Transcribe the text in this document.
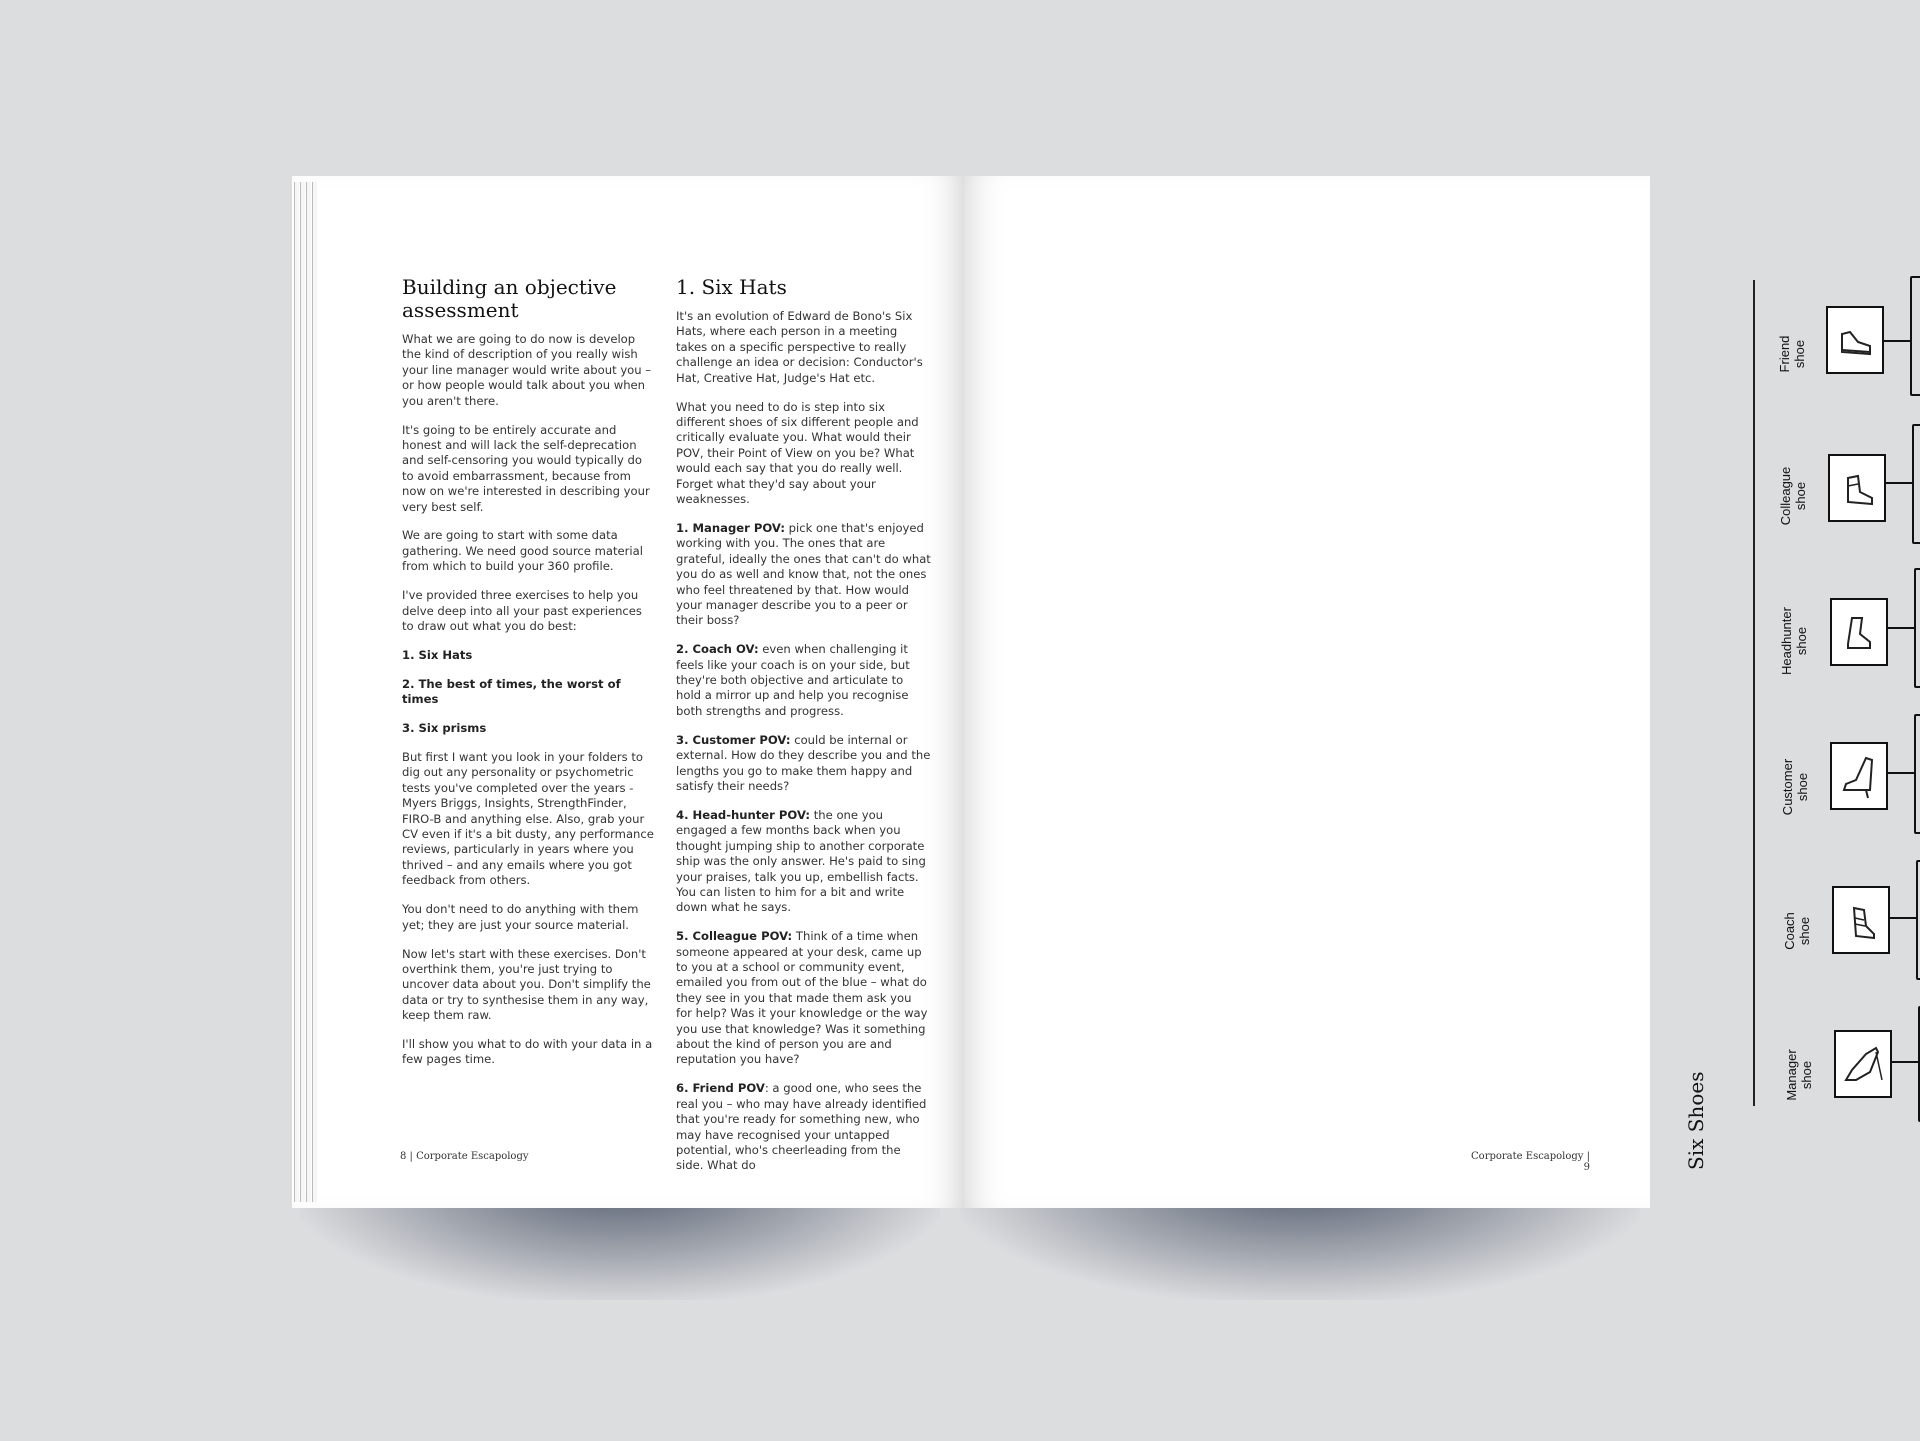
Building an objective assessment

What we are going to do now is develop the kind of description of you really wish your line manager would write about you – or how people would talk about you when you aren't there.

It's going to be entirely accurate and honest and will lack the self-deprecation and self-censoring you would typically do to avoid embarrassment, because from now on we're interested in describing your very best self.

We are going to start with some data gathering. We need good source material from which to build your 360 profile.

I've provided three exercises to help you delve deep into all your past experiences to draw out what you do best:

1. Six Hats

2. The best of times, the worst of times

3. Six prisms

But first I want you look in your folders to dig out any personality or psychometric tests you've completed over the years - Myers Briggs, Insights, StrengthFinder, FIRO-B and anything else. Also, grab your CV even if it's a bit dusty, any performance reviews, particularly in years where you thrived – and any emails where you got feedback from others.

You don't need to do anything with them yet; they are just your source material.

Now let's start with these exercises. Don't overthink them, you're just trying to uncover data about you. Don't simplify the data or try to synthesise them in any way, keep them raw.

I'll show you what to do with your data in a few pages time.

1. Six Hats

It's an evolution of Edward de Bono's Six Hats, where each person in a meeting takes on a specific perspective to really challenge an idea or decision: Conductor's Hat, Creative Hat, Judge's Hat etc.

What you need to do is step into six different shoes of six different people and critically evaluate you. What would their POV, their Point of View on you be? What would each say that you do really well. Forget what they'd say about your weaknesses.

1. Manager POV: pick one that's enjoyed working with you. The ones that are grateful, ideally the ones that can't do what you do as well and know that, not the ones who feel threatened by that. How would your manager describe you to a peer or their boss?

2. Coach OV: even when challenging it feels like your coach is on your side, but they're both objective and articulate to hold a mirror up and help you recognise both strengths and progress.

3. Customer POV: could be internal or external. How do they describe you and the lengths you go to make them happy and satisfy their needs?

4. Head-hunter POV: the one you engaged a few months back when you thought jumping ship to another corporate ship was the only answer. He's paid to sing your praises, talk you up, embellish facts. You can listen to him for a bit and write down what he says.

5. Colleague POV: Think of a time when someone appeared at your desk, came up to you at a school or community event, emailed you from out of the blue – what do they see in you that made them ask you for help? Was it your knowledge or the way you use that knowledge? Was it something about the kind of person you are and reputation you have?

6. Friend POV: a good one, who sees the real you – who may have already identified that you're ready for something new, who may have recognised your untapped potential, who's cheerleading from the side. What do

8 | Corporate Escapology	Six Shoes
Friend
shoe
Colleague
shoe
Headhunter
shoe
Customer
shoe
Coach
shoe
Manager
shoe
Corporate Escapology | 9
